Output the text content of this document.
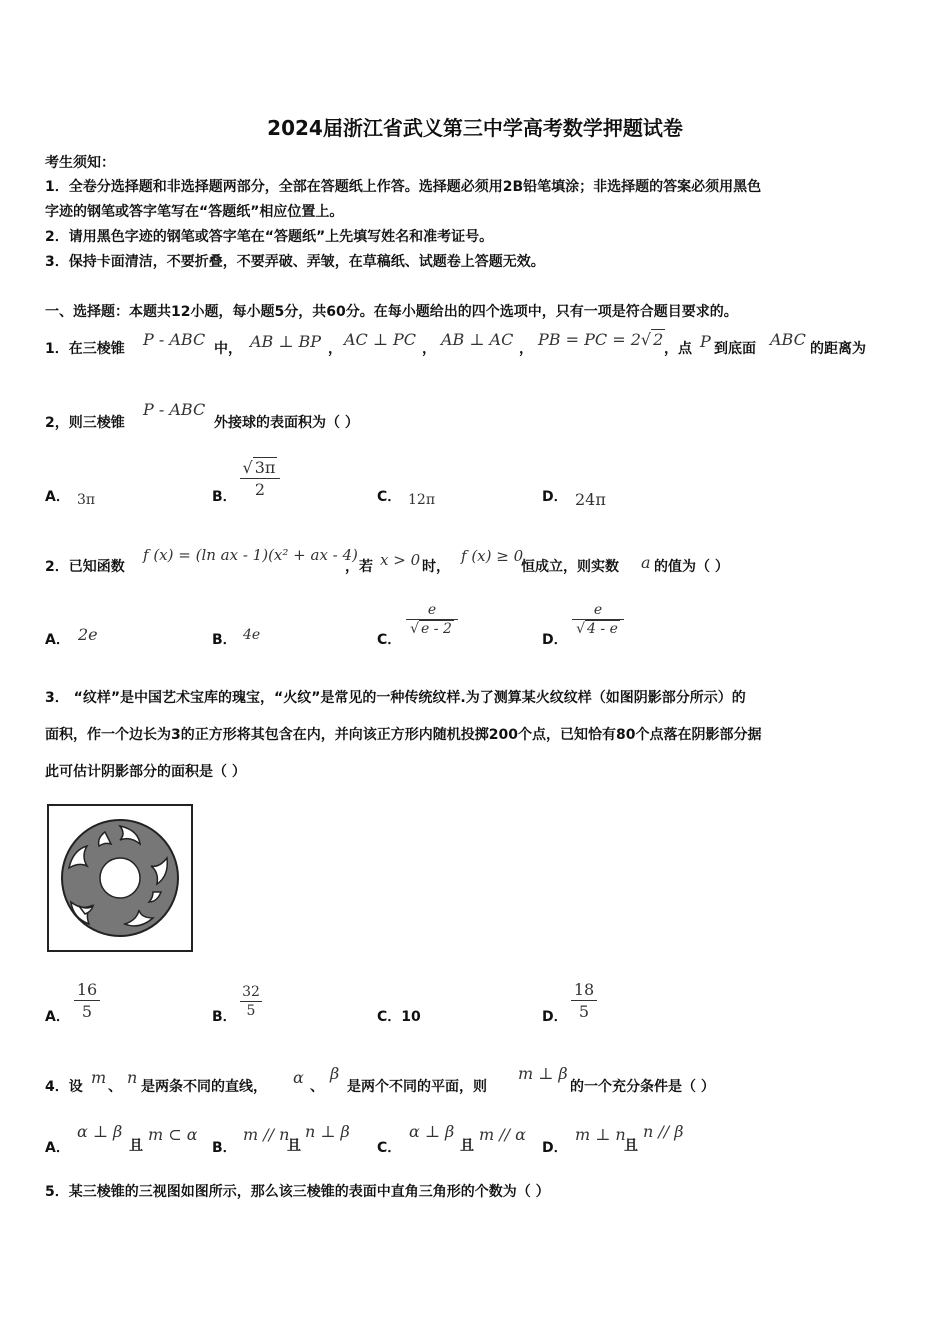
2024届浙江省武义第三中学高考数学押题试卷
考生须知：
1．全卷分选择题和非选择题两部分，全部在答题纸上作答。选择题必须用2B铅笔填涂；非选择题的答案必须用黑色
字迹的钢笔或答字笔写在“答题纸”相应位置上。
2．请用黑色字迹的钢笔或答字笔在“答题纸”上先填写姓名和准考证号。
3．保持卡面清洁，不要折叠，不要弄破、弄皱，在草稿纸、试题卷上答题无效。
一、选择题：本题共12小题，每小题5分，共60分。在每小题给出的四个选项中，只有一项是符合题目要求的。
1．在三棱锥 P - ABC 中， AB ⊥ BP ， AC ⊥ PC ， AB ⊥ AC ， PB = PC = 2√ 2 ，点 P 到底面 ABC 的距离为
2，则三棱锥
P - ABC
外接球的表面积为（ ）
A． 3π	B．
√ 3π
2	C． 12π	D． 24π
2．已知函数
f (x) = (ln ax - 1)(x² + ax - 4)
，若 x > 0 时，
f (x) ≥ 0
恒成立，则实数 a 的值为（ ）
A． 2e	B． 4e	C．
e
√ e - 2
D．
e
√ 4 - e
3． “纹样”是中国艺术宝库的瑰宝，“火纹”是常见的一种传统纹样.为了测算某火纹纹样（如图阴影部分所示）的
面积，作一个边长为3的正方形将其包含在内，并向该正方形内随机投掷200个点，已知恰有80个点落在阴影部分据
此可估计阴影部分的面积是（ ）
A．
16
5	B．
32
5	C．10	D．
18
5
4．设 m 、 n 是两条不同的直线， α 、
β
是两个不同的平面，则
m ⊥ β
的一个充分条件是（ ）
A．
α ⊥ β
且
m ⊂ α
B．
m // n
且
n ⊥ β
C．
α ⊥ β
且
m // α
D．
m ⊥ n
且
n // β
5．某三棱锥的三视图如图所示，那么该三棱锥的表面中直角三角形的个数为（ ）
